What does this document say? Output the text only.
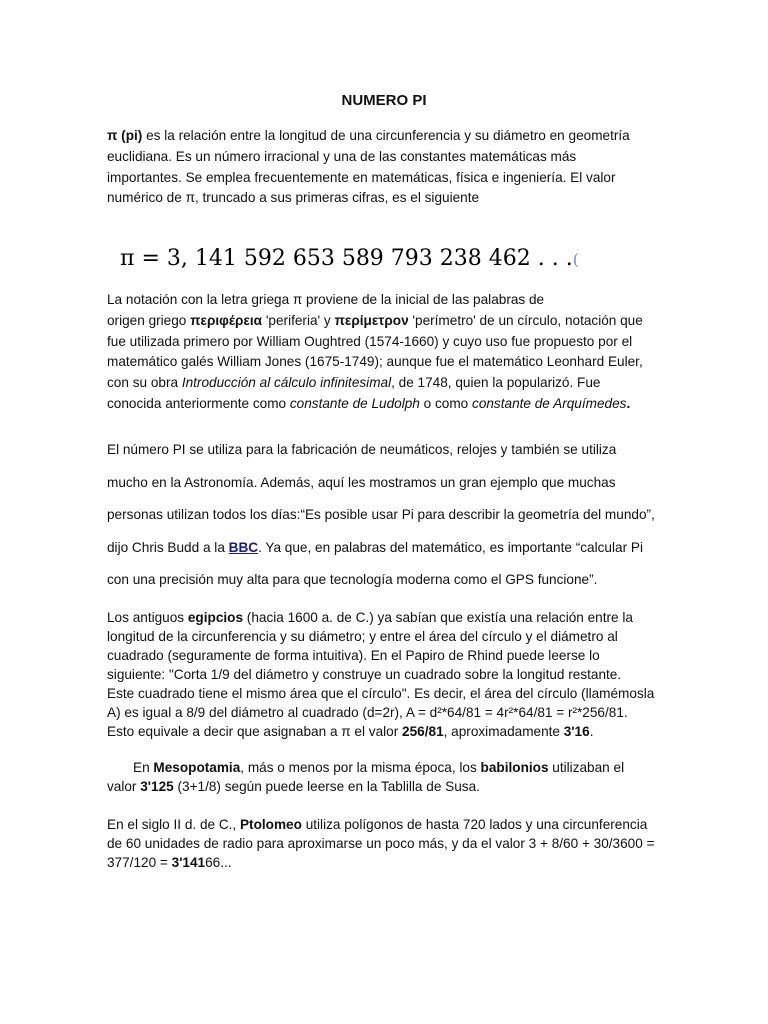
NUMERO PI
π (pi) es la relación entre la longitud de una circunferencia y su diámetro en geometría
euclidiana. Es un número irracional y una de las constantes matemáticas más
importantes. Se emplea frecuentemente en matemáticas, física e ingeniería. El valor
numérico de π, truncado a sus primeras cifras, es el siguiente
π = 3, 141 592 653 589 793 238 462 . . .(
La notación con la letra griega π proviene de la inicial de las palabras de
origen griego περιφέρεια 'periferia' y περίμετρον 'perímetro' de un círculo, notación que
fue utilizada primero por William Oughtred (1574-1660) y cuyo uso fue propuesto por el
matemático galés William Jones (1675-1749); aunque fue el matemático Leonhard Euler,
con su obra Introducción al cálculo infinitesimal, de 1748, quien la popularizó. Fue
conocida anteriormente como constante de Ludolph o como constante de Arquímedes.
El número PI se utiliza para la fabricación de neumáticos, relojes y también se utiliza
mucho en la Astronomía. Además, aquí les mostramos un gran ejemplo que muchas
personas utilizan todos los días:“Es posible usar Pi para describir la geometría del mundo”,
dijo Chris Budd a la BBC. Ya que, en palabras del matemático, es importante “calcular Pi
con una precisión muy alta para que tecnología moderna como el GPS funcione”.
Los antiguos egipcios (hacia 1600 a. de C.) ya sabían que existía una relación entre la
longitud de la circunferencia y su diámetro; y entre el área del círculo y el diámetro al
cuadrado (seguramente de forma intuitiva). En el Papiro de Rhind puede leerse lo
siguiente: "Corta 1/9 del diámetro y construye un cuadrado sobre la longitud restante.
Este cuadrado tiene el mismo área que el círculo". Es decir, el área del círculo (llamémosla
A) es igual a 8/9 del diámetro al cuadrado (d=2r), A = d²*64/81 = 4r²*64/81 = r²*256/81.
Esto equivale a decir que asignaban a π el valor 256/81, aproximadamente 3'16.
En Mesopotamia, más o menos por la misma época, los babilonios utilizaban el
valor 3'125 (3+1/8) según puede leerse en la Tablilla de Susa.
En el siglo II d. de C., Ptolomeo utiliza polígonos de hasta 720 lados y una circunferencia
de 60 unidades de radio para aproximarse un poco más, y da el valor 3 + 8/60 + 30/3600 =
377/120 = 3'14166...
